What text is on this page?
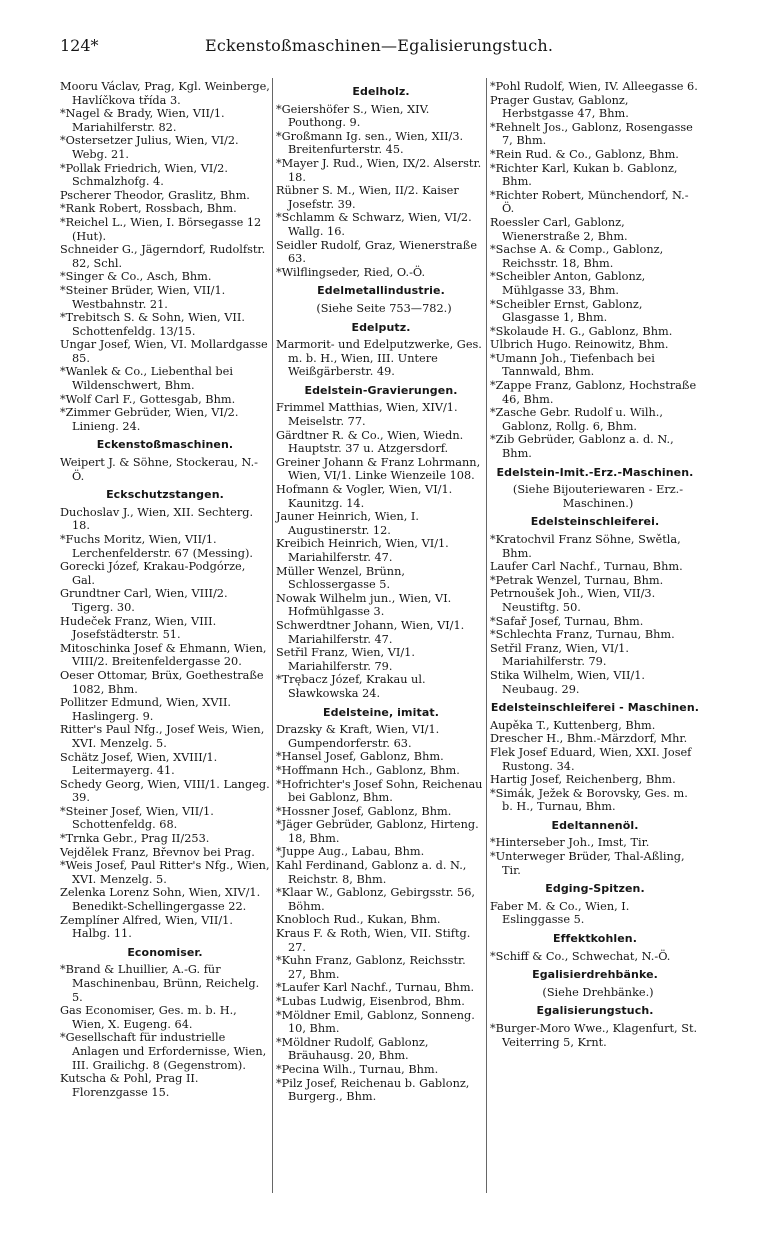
124*	Eckenstoßmaschinen—Egalisierungstuch.
Mooru Václav, Prag, Kgl. Weinberge, Havlíčkova třída 3.
*Nagel & Brady, Wien, VII/1. Mariahilferstr. 82.
*Ostersetzer Julius, Wien, VI/2. Webg. 21.
*Pollak Friedrich, Wien, VI/2. Schmalzhofg. 4.
Pscherer Theodor, Graslitz, Bhm.
*Rank Robert, Rossbach, Bhm.
*Reichel L., Wien, I. Börsegasse 12 (Hut).
Schneider G., Jägerndorf, Rudolfstr. 82, Schl.
*Singer & Co., Asch, Bhm.
*Steiner Brüder, Wien, VII/1. Westbahnstr. 21.
*Trebitsch S. & Sohn, Wien, VII. Schottenfeldg. 13/15.
Ungar Josef, Wien, VI. Mollardgasse 85.
*Wanlek & Co., Liebenthal bei Wildenschwert, Bhm.
*Wolf Carl F., Gottesgab, Bhm.
*Zimmer Gebrüder, Wien, VI/2. Linieng. 24.
Eckenstoßmaschinen.
Weipert J. & Söhne, Stockerau, N.-Ö.
Eckschutzstangen.
Duchoslav J., Wien, XII. Sechterg. 18.
*Fuchs Moritz, Wien, VII/1. Lerchenfelderstr. 67 (Messing).
Gorecki Józef, Krakau-Podgórze, Gal.
Grundtner Carl, Wien, VIII/2. Tigerg. 30.
Hudeček Franz, Wien, VIII. Josefstädterstr. 51.
Mitoschinka Josef & Ehmann, Wien, VIII/2. Breitenfeldergasse 20.
Oeser Ottomar, Brüx, Goethestraße 1082, Bhm.
Pollitzer Edmund, Wien, XVII. Haslingerg. 9.
Ritter's Paul Nfg., Josef Weis, Wien, XVI. Menzelg. 5.
Schätz Josef, Wien, XVIII/1. Leitermayerg. 41.
Schedy Georg, Wien, VIII/1. Langeg. 39.
*Steiner Josef, Wien, VII/1. Schottenfeldg. 68.
*Trnka Gebr., Prag II/253.
Vejdělek Franz, Břevnov bei Prag.
*Weis Josef, Paul Ritter's Nfg., Wien, XVI. Menzelg. 5.
Zelenka Lorenz Sohn, Wien, XIV/1. Benedikt-Schellingergasse 22.
Zemplíner Alfred, Wien, VII/1. Halbg. 11.
Economiser.
*Brand & Lhuillier, A.-G. für Maschinenbau, Brünn, Reichelg. 5.
Gas Economiser, Ges. m. b. H., Wien, X. Eugeng. 64.
*Gesellschaft für industrielle Anlagen und Erfordernisse, Wien, III. Grailichg. 8 (Gegenstrom).
Kutscha & Pohl, Prag II. Florenzgasse 15.
Edelholz.
*Geiershöfer S., Wien, XIV. Pouthong. 9.
*Großmann Ig. sen., Wien, XII/3. Breitenfurterstr. 45.
*Mayer J. Rud., Wien, IX/2. Alserstr. 18.
Rübner S. M., Wien, II/2. Kaiser Josefstr. 39.
*Schlamm & Schwarz, Wien, VI/2. Wallg. 16.
Seidler Rudolf, Graz, Wienerstraße 63.
*Wilflingseder, Ried, O.-Ö.
Edelmetallindustrie.
(Siehe Seite 753—782.)
Edelputz.
Marmorit- und Edelputzwerke, Ges. m. b. H., Wien, III. Untere Weißgärberstr. 49.
Edelstein-Gravierungen.
Frimmel Matthias, Wien, XIV/1. Meiselstr. 77.
Gärdtner R. & Co., Wien, Wiedn. Hauptstr. 37 u. Atzgersdorf.
Greiner Johann & Franz Lohrmann, Wien, VI/1. Linke Wienzeile 108.
Hofmann & Vogler, Wien, VI/1. Kaunitzg. 14.
Jauner Heinrich, Wien, I. Augustinerstr. 12.
Kreibich Heinrich, Wien, VI/1. Mariahilferstr. 47.
Müller Wenzel, Brünn, Schlossergasse 5.
Nowak Wilhelm jun., Wien, VI. Hofmühlgasse 3.
Schwerdtner Johann, Wien, VI/1. Mariahilferstr. 47.
Setřil Franz, Wien, VI/1. Mariahilferstr. 79.
*Trębacz Józef, Krakau ul. Sławkowska 24.
Edelsteine, imitat.
Drazsky & Kraft, Wien, VI/1. Gumpendorferstr. 63.
*Hansel Josef, Gablonz, Bhm.
*Hoffmann Hch., Gablonz, Bhm.
*Hofrichter's Josef Sohn, Reichenau bei Gablonz, Bhm.
*Hossner Josef, Gablonz, Bhm.
*Jäger Gebrüder, Gablonz, Hirteng. 18, Bhm.
*Juppe Aug., Labau, Bhm.
Kahl Ferdinand, Gablonz a. d. N., Reichstr. 8, Bhm.
*Klaar W., Gablonz, Gebirgsstr. 56, Böhm.
Knobloch Rud., Kukan, Bhm.
Kraus F. & Roth, Wien, VII. Stiftg. 27.
*Kuhn Franz, Gablonz, Reichsstr. 27, Bhm.
*Laufer Karl Nachf., Turnau, Bhm.
*Lubas Ludwig, Eisenbrod, Bhm.
*Möldner Emil, Gablonz, Sonneng. 10, Bhm.
*Möldner Rudolf, Gablonz, Bräuhausg. 20, Bhm.
*Pecina Wilh., Turnau, Bhm.
*Pilz Josef, Reichenau b. Gablonz, Burgerg., Bhm.
*Pohl Rudolf, Wien, IV. Alleegasse 6.
Prager Gustav, Gablonz, Herbstgasse 47, Bhm.
*Rehnelt Jos., Gablonz, Rosengasse 7, Bhm.
*Rein Rud. & Co., Gablonz, Bhm.
*Richter Karl, Kukan b. Gablonz, Bhm.
*Richter Robert, Münchendorf, N.-Ö.
Roessler Carl, Gablonz, Wienerstraße 2, Bhm.
*Sachse A. & Comp., Gablonz, Reichsstr. 18, Bhm.
*Scheibler Anton, Gablonz, Mühlgasse 33, Bhm.
*Scheibler Ernst, Gablonz, Glasgasse 1, Bhm.
*Skolaude H. G., Gablonz, Bhm.
Ulbrich Hugo. Reinowitz, Bhm.
*Umann Joh., Tiefenbach bei Tannwald, Bhm.
*Zappe Franz, Gablonz, Hochstraße 46, Bhm.
*Zasche Gebr. Rudolf u. Wilh., Gablonz, Rollg. 6, Bhm.
*Zib Gebrüder, Gablonz a. d. N., Bhm.
Edelstein-Imit.-Erz.-Maschinen.
(Siehe Bijouteriewaren - Erz.-Maschinen.)
Edelsteinschleiferei.
*Kratochvil Franz Söhne, Swětla, Bhm.
Laufer Carl Nachf., Turnau, Bhm.
*Petrak Wenzel, Turnau, Bhm.
Petrnoušek Joh., Wien, VII/3. Neustiftg. 50.
*Safař Josef, Turnau, Bhm.
*Schlechta Franz, Turnau, Bhm.
Setřil Franz, Wien, VI/1. Mariahilferstr. 79.
Stika Wilhelm, Wien, VII/1. Neubaug. 29.
Edelsteinschleiferei - Maschinen.
Aupěka T., Kuttenberg, Bhm.
Drescher H., Bhm.-Märzdorf, Mhr.
Flek Josef Eduard, Wien, XXI. Josef Rustong. 34.
Hartig Josef, Reichenberg, Bhm.
*Simák, Ježek & Borovsky, Ges. m. b. H., Turnau, Bhm.
Edeltannenöl.
*Hinterseber Joh., Imst, Tir.
*Unterweger Brüder, Thal-Aßling, Tir.
Edging-Spitzen.
Faber M. & Co., Wien, I. Eslinggasse 5.
Effektkohlen.
*Schiff & Co., Schwechat, N.-Ö.
Egalisierdrehbänke.
(Siehe Drehbänke.)
Egalisierungstuch.
*Burger-Moro Wwe., Klagenfurt, St. Veiterring 5, Krnt.
